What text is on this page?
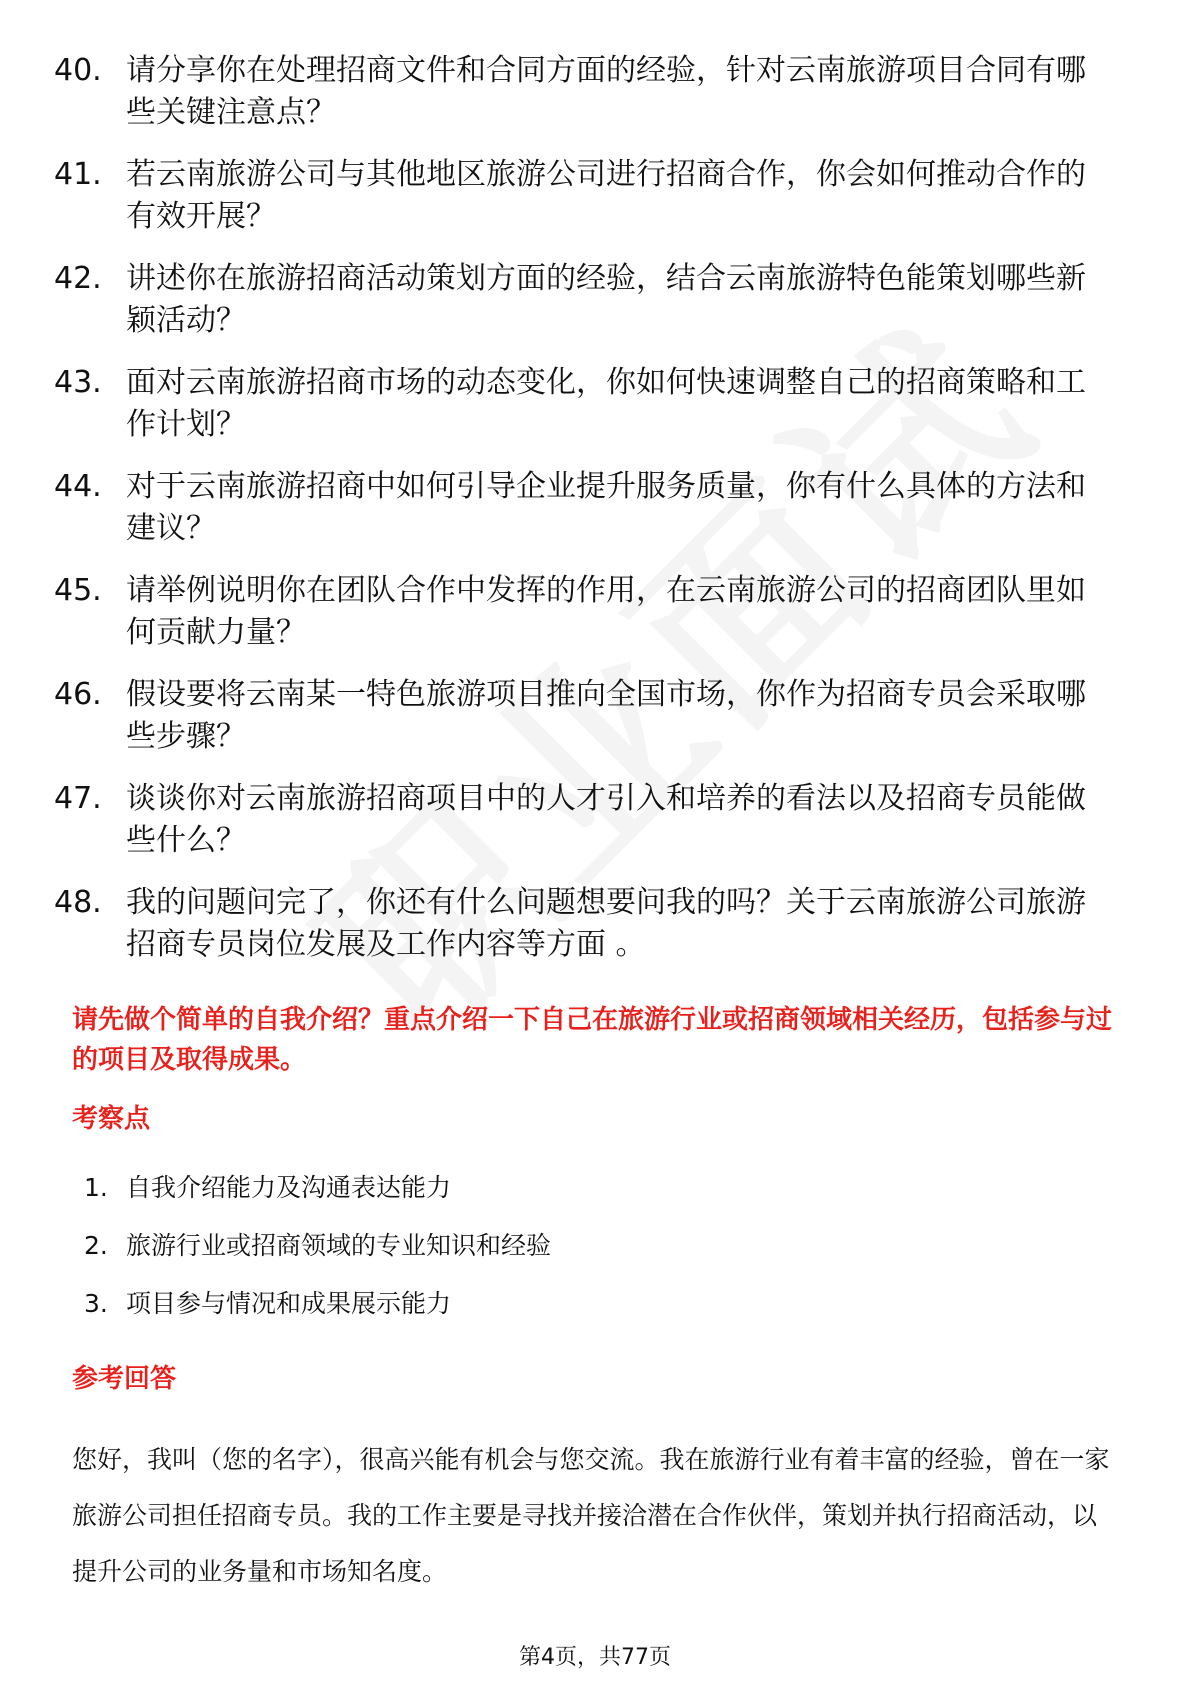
40. 请分享你在处理招商文件和合同方面的经验，针对云南旅游项目合同有哪些关键注意点？
41. 若云南旅游公司与其他地区旅游公司进行招商合作，你会如何推动合作的有效开展？
42. 讲述你在旅游招商活动策划方面的经验，结合云南旅游特色能策划哪些新颖活动？
43. 面对云南旅游招商市场的动态变化，你如何快速调整自己的招商策略和工作计划？
44. 对于云南旅游招商中如何引导企业提升服务质量，你有什么具体的方法和建议？
45. 请举例说明你在团队合作中发挥的作用，在云南旅游公司的招商团队里如何贡献力量？
46. 假设要将云南某一特色旅游项目推向全国市场，你作为招商专员会采取哪些步骤？
47. 谈谈你对云南旅游招商项目中的人才引入和培养的看法以及招商专员能做些什么？
48. 我的问题问完了，你还有什么问题想要问我的吗？关于云南旅游公司旅游招商专员岗位发展及工作内容等方面 。
请先做个简单的自我介绍？重点介绍一下自己在旅游行业或招商领域相关经历，包括参与过的项目及取得成果。
考察点
1. 自我介绍能力及沟通表达能力
2. 旅游行业或招商领域的专业知识和经验
3. 项目参与情况和成果展示能力
参考回答
您好，我叫（您的名字），很高兴能有机会与您交流。我在旅游行业有着丰富的经验，曾在一家旅游公司担任招商专员。我的工作主要是寻找并接洽潜在合作伙伴，策划并执行招商活动，以提升公司的业务量和市场知名度。
第4页，共77页
